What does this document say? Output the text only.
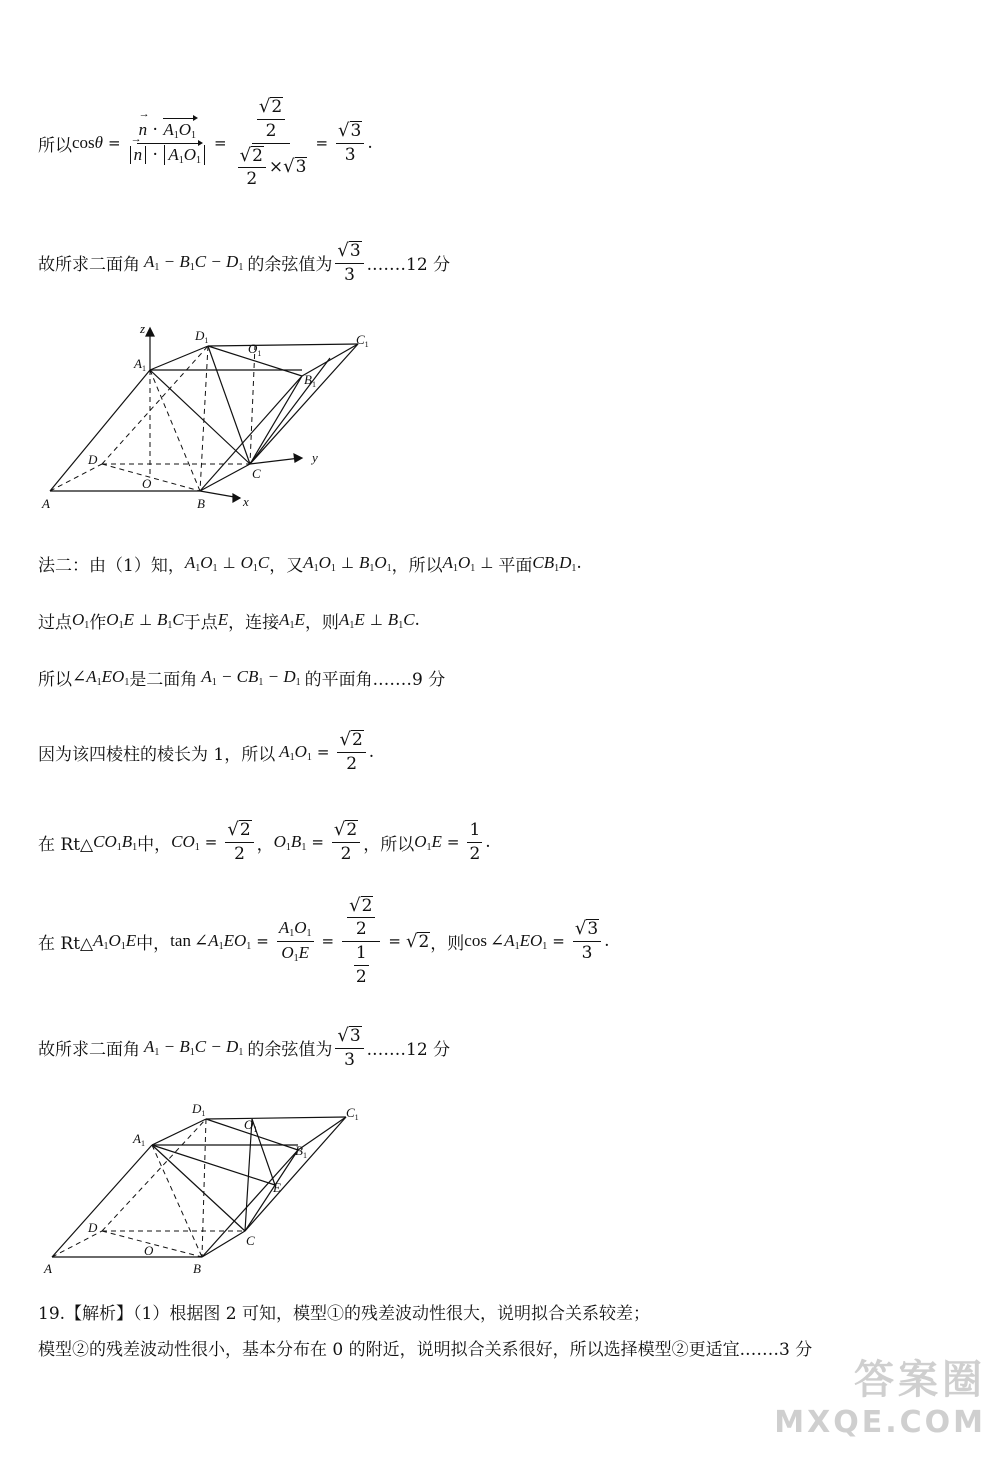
所以 cos θ =
→ $n \cdot A_1O_1$
→ $n \cdot A_1O_1 = \frac{\frac{√ 2}{2}}{\frac{√ 2}{2} \times √ 3} = \frac{√ 3}{3}$ .
故所求二面角 $A_1 - B_1C - D_1$ 的余弦值为 $\frac{√ 3}{3}$ .……12 分
z	$D_1$
$O_1$
$C_1$
$A_1$
$B_1$
D
C
y
O
A	B	x
法二：由（1）知， $A_1O_1$ ⊥ $O_1C$ ，又 $A_1O_1$ ⊥ $B_1O_1$ ，所以 $A_1O_1$ ⊥ 平面 $CB_1D_1$ .
过点 $O_1$ 作 $O_1E$ ⊥ $B_1C$ 于点 E ，连接 $A_1E$ ，则 $A_1E$ ⊥ $B_1C$ .
所以 $\angle A_1EO_1$ 是二面角 $A_1 - CB_1 - D_1$ 的平面角 .……9 分
因为该四棱柱的棱长为 1，所以 $A_1O_1 = \frac{√ 2}{2}$ .
在 Rt△ $CO_1B_1$ 中， $CO_1 = \frac{√ 2}{2}$ ， $O_1B_1 = \frac{√ 2}{2}$ ，所以 $O_1E = \frac{1}{2}$ .
在 Rt△ $A_1O_1E$ 中， $\tan \angle A_1EO_1 = \frac{A_1O_1}{O_1E} = \frac{\frac{√ 2}{2}}{\frac{1}{2}}$ = √ 2 ，则 $\cos \angle A_1EO_1 = \frac{√ 3}{3}$ .
故所求二面角 $A_1 - B_1C - D_1$ 的余弦值为 $\frac{√ 3}{3}$ .……12 分
$D_1$
$O_1$
$C_1$
$A_1$	$B_1$
E
D
C
O
A	B
19.【解析】（1）根据图 2 可知，模型①的残差波动性很大，说明拟合关系较差；
模型②的残差波动性很小，基本分布在 0 的附近，说明拟合关系很好，所以选择模型②更适宜.……3 分
答案圈
MXQE.COM
